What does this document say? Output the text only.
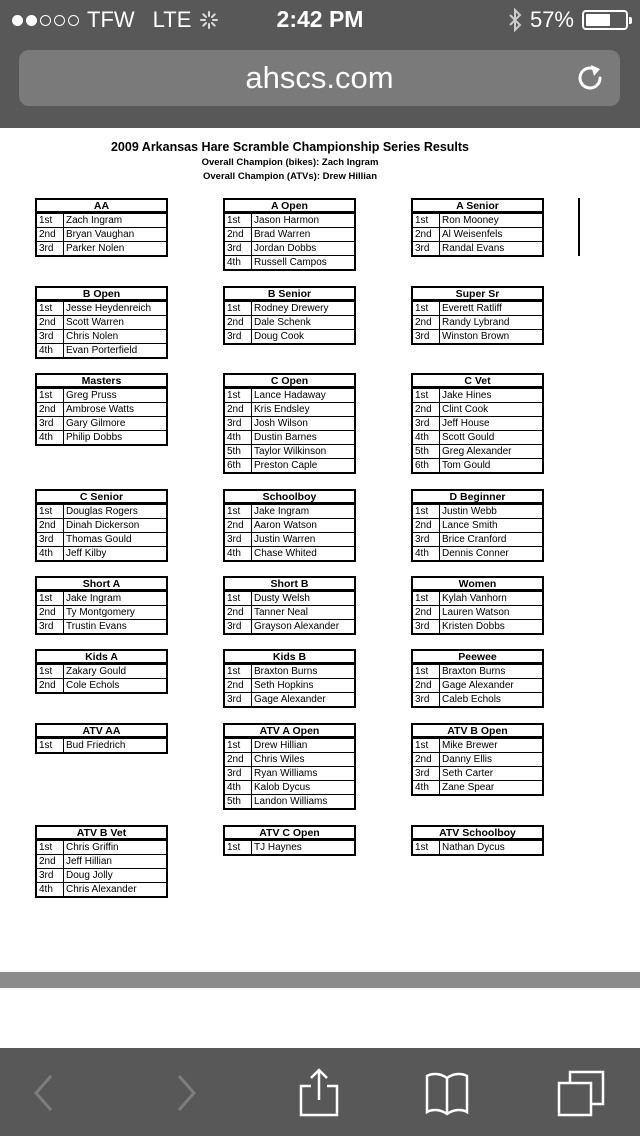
TFW LTE	2:42 PM	57%
ahscs.com
2009 Arkansas Hare Scramble Championship Series Results
Overall Champion (bikes): Zach Ingram
Overall Champion (ATVs): Drew Hillian
AA
1st	Zach Ingram
2nd	Bryan Vaughan
3rd	Parker Nolen
A Open
1st	Jason Harmon
2nd	Brad Warren
3rd	Jordan Dobbs
4th	Russell Campos
A Senior
1st	Ron Mooney
2nd	Al Weisenfels
3rd	Randal Evans
B Open
1st	Jesse Heydenreich
2nd	Scott Warren
3rd	Chris Nolen
4th	Evan Porterfield
B Senior
1st	Rodney Drewery
2nd	Dale Schenk
3rd	Doug Cook
Super Sr
1st	Everett Ratliff
2nd	Randy Lybrand
3rd	Winston Brown
Masters
1st	Greg Pruss
2nd	Ambrose Watts
3rd	Gary Gilmore
4th	Philip Dobbs
C Open
1st	Lance Hadaway
2nd	Kris Endsley
3rd	Josh Wilson
4th	Dustin Barnes
5th	Taylor Wilkinson
6th	Preston Caple
C Vet
1st	Jake Hines
2nd	Clint Cook
3rd	Jeff House
4th	Scott Gould
5th	Greg Alexander
6th	Tom Gould
C Senior
1st	Douglas Rogers
2nd	Dinah Dickerson
3rd	Thomas Gould
4th	Jeff Kilby
Schoolboy
1st	Jake Ingram
2nd	Aaron Watson
3rd	Justin Warren
4th	Chase Whited
D Beginner
1st	Justin Webb
2nd	Lance Smith
3rd	Brice Cranford
4th	Dennis Conner
Short A
1st	Jake Ingram
2nd	Ty Montgomery
3rd	Trustin Evans
Short B
1st	Dusty Welsh
2nd	Tanner Neal
3rd	Grayson Alexander
Women
1st	Kylah Vanhorn
2nd	Lauren Watson
3rd	Kristen Dobbs
Kids A
1st	Zakary Gould
2nd	Cole Echols
Kids B
1st	Braxton Burns
2nd	Seth Hopkins
3rd	Gage Alexander
Peewee
1st	Braxton Burns
2nd	Gage Alexander
3rd	Caleb Echols
ATV AA
1st	Bud Friedrich
ATV A Open
1st	Drew Hillian
2nd	Chris Wiles
3rd	Ryan Williams
4th	Kalob Dycus
5th	Landon Williams
ATV B Open
1st	Mike Brewer
2nd	Danny Ellis
3rd	Seth Carter
4th	Zane Spear
ATV B Vet
1st	Chris Griffin
2nd	Jeff Hillian
3rd	Doug Jolly
4th	Chris Alexander
ATV C Open
1st	TJ Haynes
ATV Schoolboy
1st	Nathan Dycus
